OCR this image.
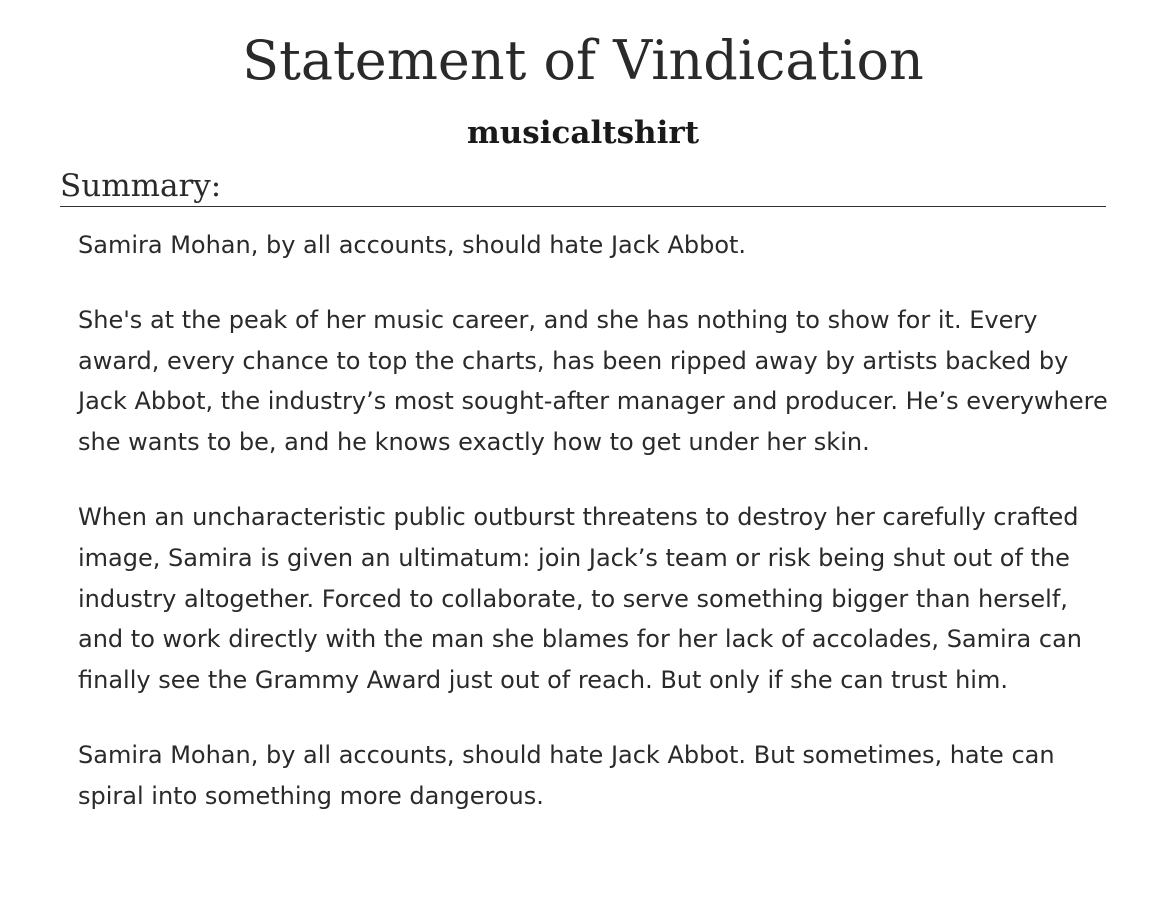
Statement of Vindication
musicaltshirt
Summary:

Samira Mohan, by all accounts, should hate Jack Abbot.

She's at the peak of her music career, and she has nothing to show for it. Every award, every chance to top the charts, has been ripped away by artists backed by Jack Abbot, the industry’s most sought-after manager and producer. He’s everywhere she wants to be, and he knows exactly how to get under her skin.

When an uncharacteristic public outburst threatens to destroy her carefully crafted image, Samira is given an ultimatum: join Jack’s team or risk being shut out of the industry altogether. Forced to collaborate, to serve something bigger than herself, and to work directly with the man she blames for her lack of accolades, Samira can finally see the Grammy Award just out of reach. But only if she can trust him.

Samira Mohan, by all accounts, should hate Jack Abbot. But sometimes, hate can spiral into something more dangerous.
